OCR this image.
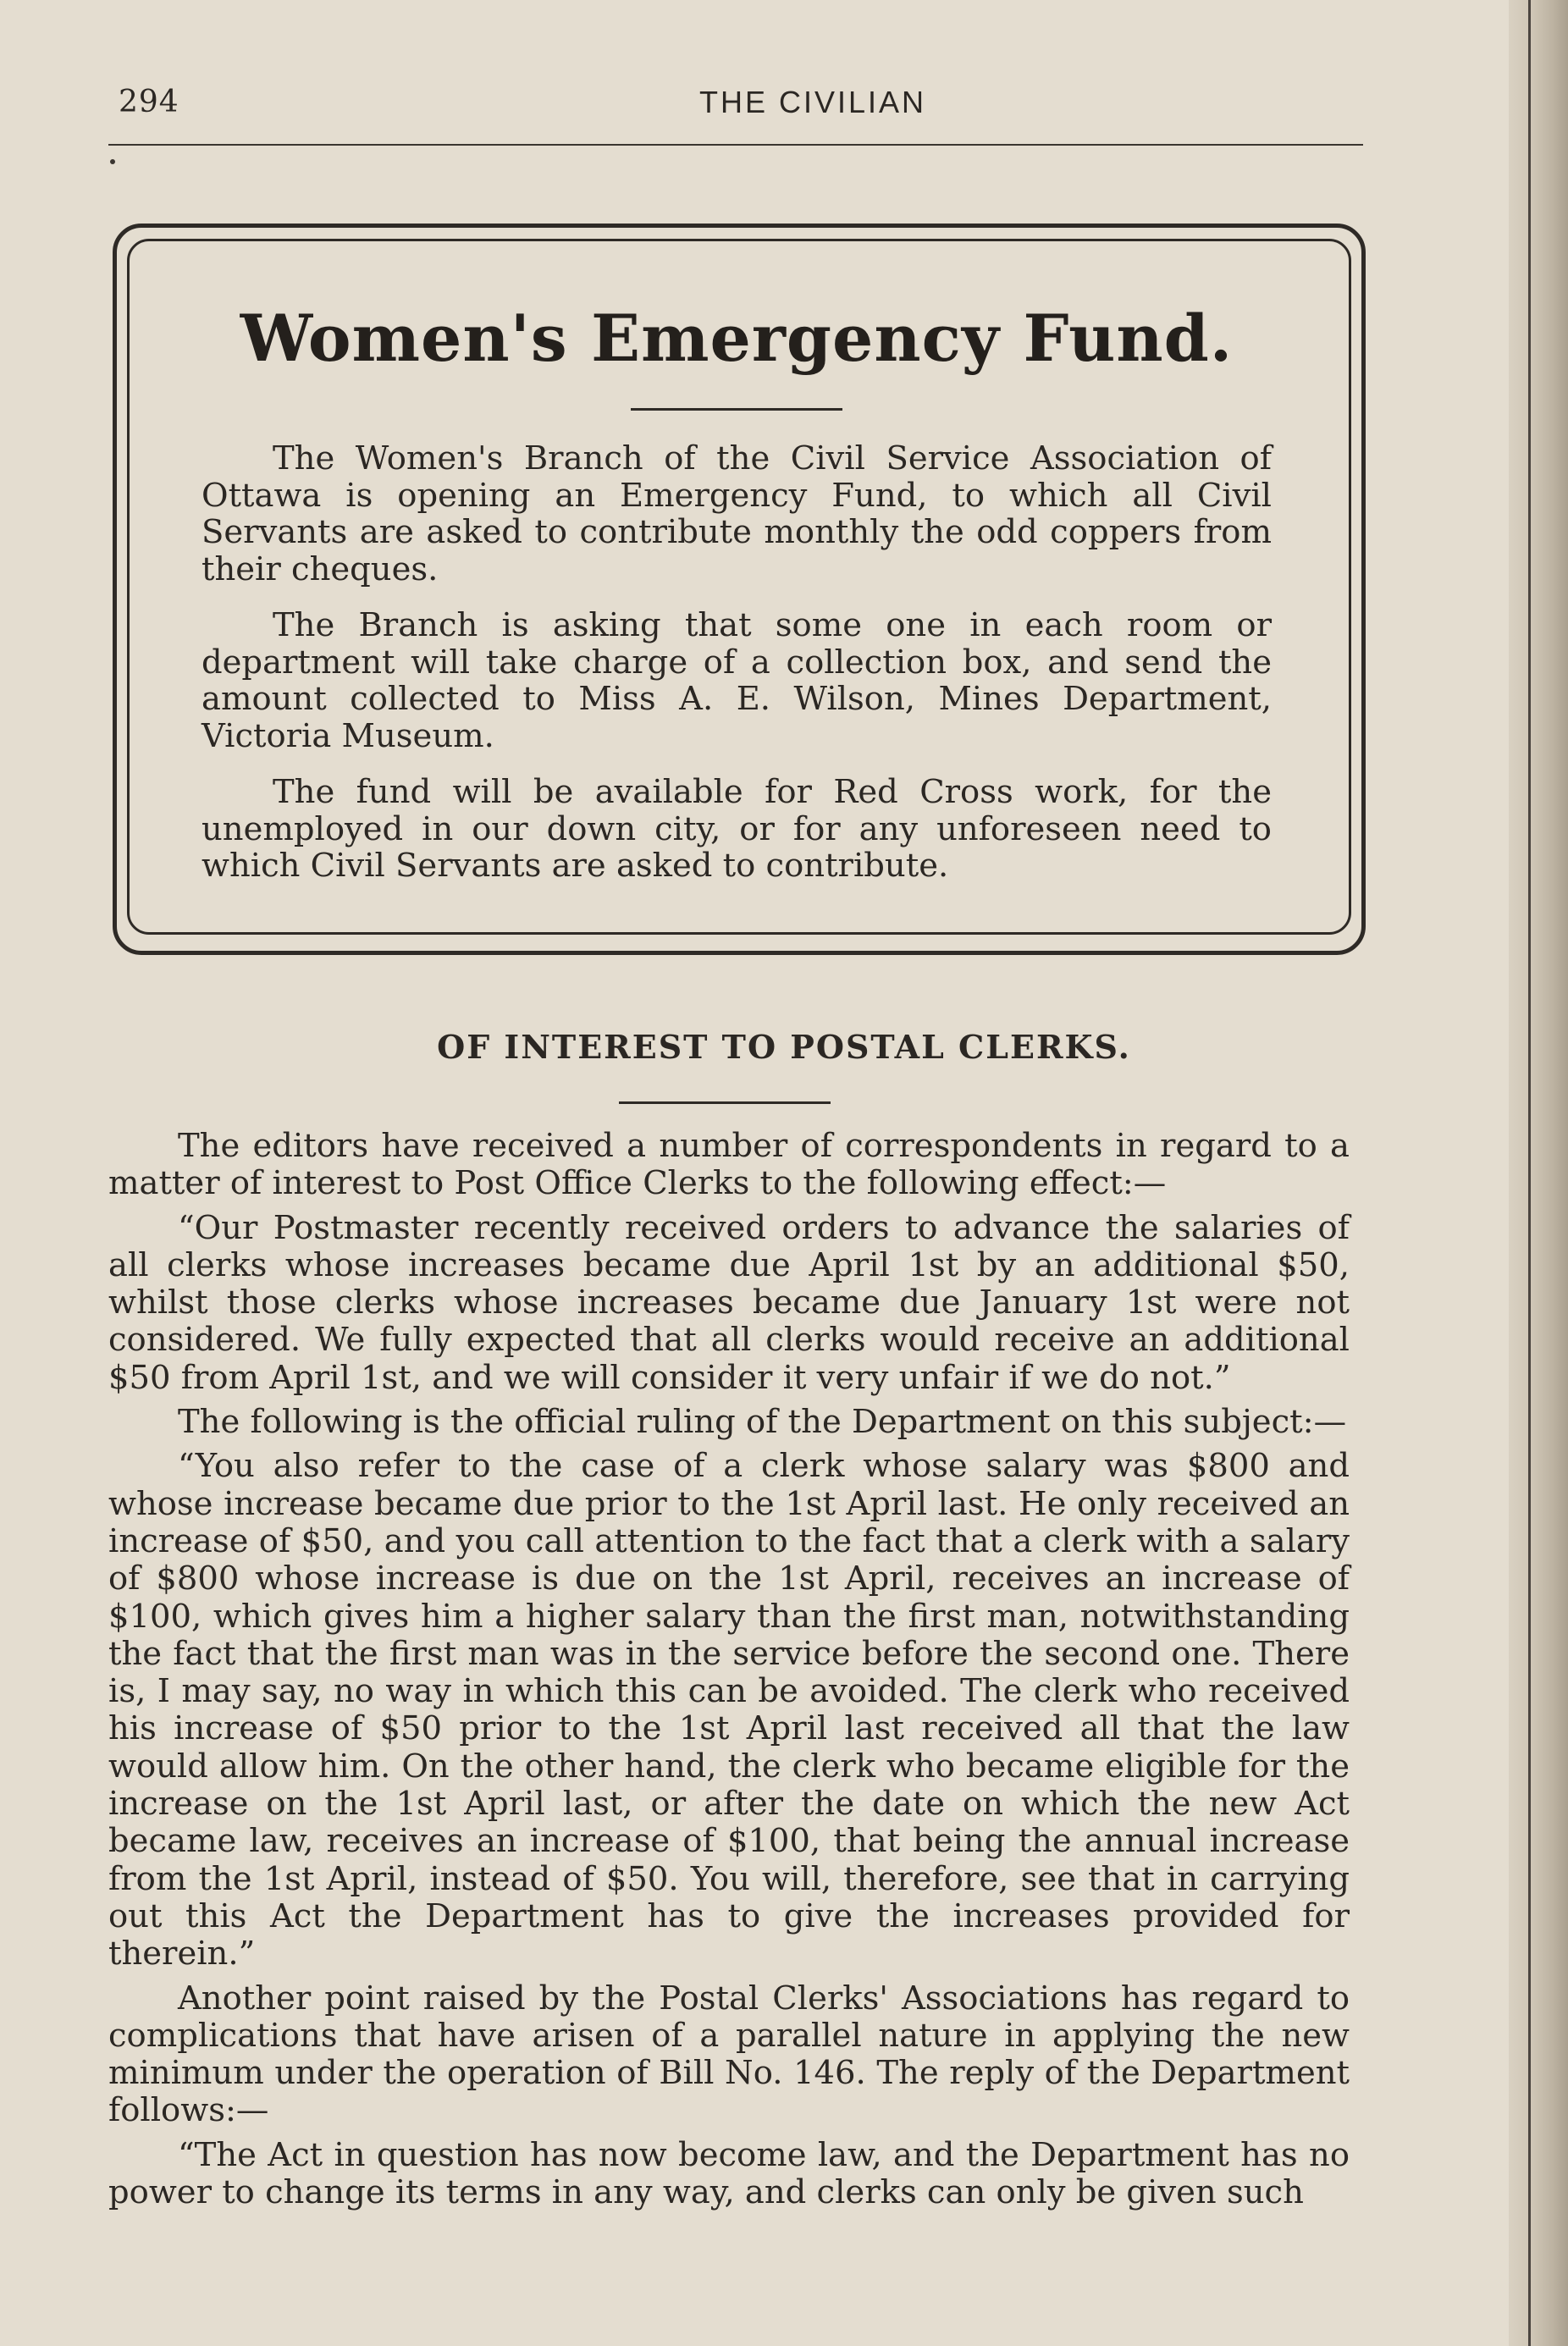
294	THE CIVILIAN
Women's Emergency Fund.

The Women's Branch of the Civil Service Association of Ottawa is opening an Emergency Fund, to which all Civil Servants are asked to contribute monthly the odd coppers from their cheques.

The Branch is asking that some one in each room or department will take charge of a collection box, and send the amount collected to Miss A. E. Wilson, Mines Department, Victoria Museum.

The fund will be available for Red Cross work, for the unemployed in our down city, or for any unforeseen need to which Civil Servants are asked to contribute.

OF INTEREST TO POSTAL CLERKS.

The editors have received a number of correspondents in regard to a matter of interest to Post Office Clerks to the following effect:—

“Our Postmaster recently received orders to advance the salaries of all clerks whose increases became due April 1st by an additional $50, whilst those clerks whose increases became due January 1st were not considered. We fully expected that all clerks would receive an additional $50 from April 1st, and we will consider it very unfair if we do not.”

The following is the official ruling of the Department on this subject:—

“You also refer to the case of a clerk whose salary was $800 and whose increase became due prior to the 1st April last. He only received an increase of $50, and you call attention to the fact that a clerk with a salary of $800 whose increase is due on the 1st April, receives an increase of $100, which gives him a higher salary than the first man, notwithstanding the fact that the first man was in the service before the second one. There is, I may say, no way in which this can be avoided. The clerk who received his increase of $50 prior to the 1st April last received all that the law would allow him. On the other hand, the clerk who became eligible for the increase on the 1st April last, or after the date on which the new Act became law, receives an increase of $100, that being the annual increase from the 1st April, instead of $50. You will, therefore, see that in carrying out this Act the Department has to give the increases provided for therein.”

Another point raised by the Postal Clerks' Associations has regard to complications that have arisen of a parallel nature in applying the new minimum under the operation of Bill No. 146. The reply of the Department follows:—

“The Act in question has now become law, and the Department has no power to change its terms in any way, and clerks can only be given such
